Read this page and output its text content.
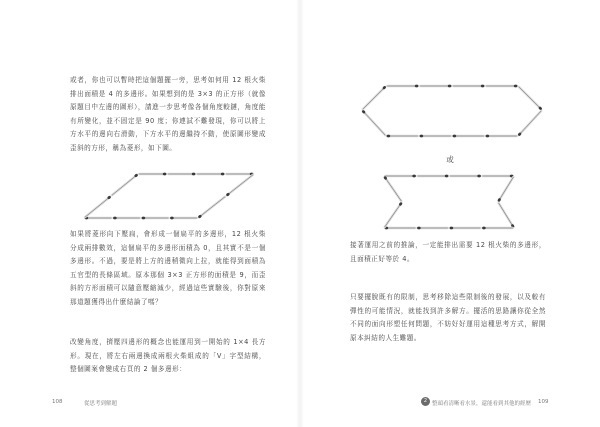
或者，你也可以暫時把這個題擺一旁，思考如何用 12 根火柴排出面積是 4 的多邊形。如果想到的是 3×3 的正方形（就像原題目中左邊的圖形），請進一步思考像各個角度較鏈，角度能有所變化，並不固定是 90 度；你連試不難發現，你可以將上方水平的邊向右滑動，下方水平的邊繼持不動，使原圖形變成歪斜的方形，稱為菱形，如下圖。

如果將菱形向下壓扁，會形成一個扁平的多邊形，12 根火柴分成兩排數效，這個扁平的多邊形面積為 0，且其實不是一個多邊形。不過，要是將上方的邊稍微向上拉，就能得到面積為五官型的長條區域。原本那個 3×3 正方形的面積是 9，而歪斜的方形面積可以隨意壓縮減少，經過這些實驗後，你對原來那道題獲得出什麼結論了嗎？

改變角度，擠壓四邊形的概念也能運用到一開始的 1×4 長方形。現在，將左右兩邊換成兩根火柴組成的「V」字型結構，整個圖案會變成右頁的 2 個多邊形：

108	從思考到解題
或

接著運用之前的推論，一定能排出需要 12 根火柴的多邊形，且面積正好等於 4。

只要擺脫既有的限制，思考移除這些限制後的發展，以及較有彈性的可能情況，就能找到許多解方。擺活的思路讓你從全然不同的面向形塑任何問題，不妨好好運用這種思考方式，解開原本糾結的人生難題。

2 整頭看清晰看水景，還能看到其他的經歷 109
